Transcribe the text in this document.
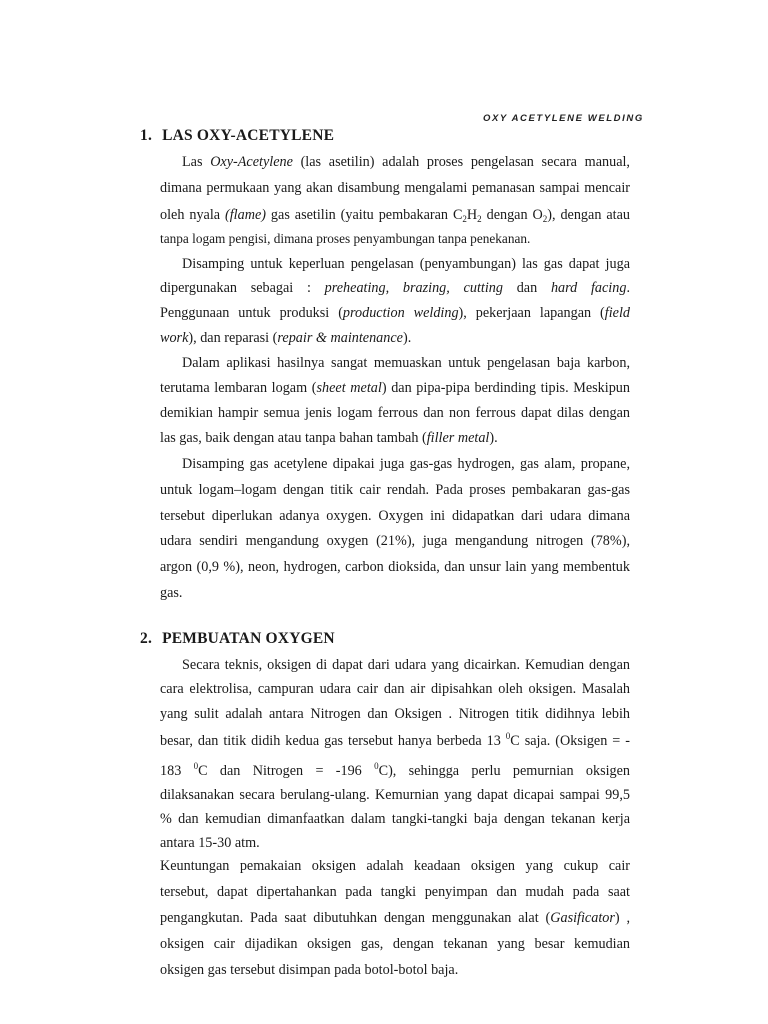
OXY ACETYLENE WELDING
1. LAS OXY-ACETYLENE
Las Oxy-Acetylene (las asetilin) adalah proses pengelasan secara manual,
dimana permukaan yang akan disambung mengalami pemanasan sampai mencair
oleh nyala (flame) gas asetilin (yaitu pembakaran $C_2H_2$ dengan $O_2$), dengan atau
tanpa logam pengisi, dimana proses penyambungan tanpa penekanan.
Disamping untuk keperluan pengelasan (penyambungan) las gas dapat juga
dipergunakan sebagai : preheating, brazing, cutting dan hard facing.
Penggunaan untuk produksi (production welding), pekerjaan lapangan (field
work), dan reparasi (repair & maintenance).
Dalam aplikasi hasilnya sangat memuaskan untuk pengelasan baja karbon,
terutama lembaran logam (sheet metal) dan pipa-pipa berdinding tipis. Meskipun
demikian hampir semua jenis logam ferrous dan non ferrous dapat dilas dengan
las gas, baik dengan atau tanpa bahan tambah (filler metal).
Disamping gas acetylene dipakai juga gas-gas hydrogen, gas alam, propane,
untuk logam–logam dengan titik cair rendah. Pada proses pembakaran gas-gas
tersebut diperlukan adanya oxygen. Oxygen ini didapatkan dari udara dimana
udara sendiri mengandung oxygen (21%), juga mengandung nitrogen (78%),
argon (0,9 %), neon, hydrogen, carbon dioksida, dan unsur lain yang membentuk
gas.
2. PEMBUATAN OXYGEN
Secara teknis, oksigen di dapat dari udara yang dicairkan. Kemudian dengan
cara elektrolisa, campuran udara cair dan air dipisahkan oleh oksigen. Masalah
yang sulit adalah antara Nitrogen dan Oksigen . Nitrogen titik didihnya lebih
besar, dan titik didih kedua gas tersebut hanya berbeda 13 $^0$C saja. (Oksigen = -
183 $^0$C dan Nitrogen = -196 $^0$C), sehingga perlu pemurnian oksigen
dilaksanakan secara berulang-ulang. Kemurnian yang dapat dicapai sampai 99,5
% dan kemudian dimanfaatkan dalam tangki-tangki baja dengan tekanan kerja
antara 15-30 atm.
Keuntungan pemakaian oksigen adalah keadaan oksigen yang cukup cair
tersebut, dapat dipertahankan pada tangki penyimpan dan mudah pada saat
pengangkutan. Pada saat dibutuhkan dengan menggunakan alat (Gasificator) ,
oksigen cair dijadikan oksigen gas, dengan tekanan yang besar kemudian
oksigen gas tersebut disimpan pada botol-botol baja.
